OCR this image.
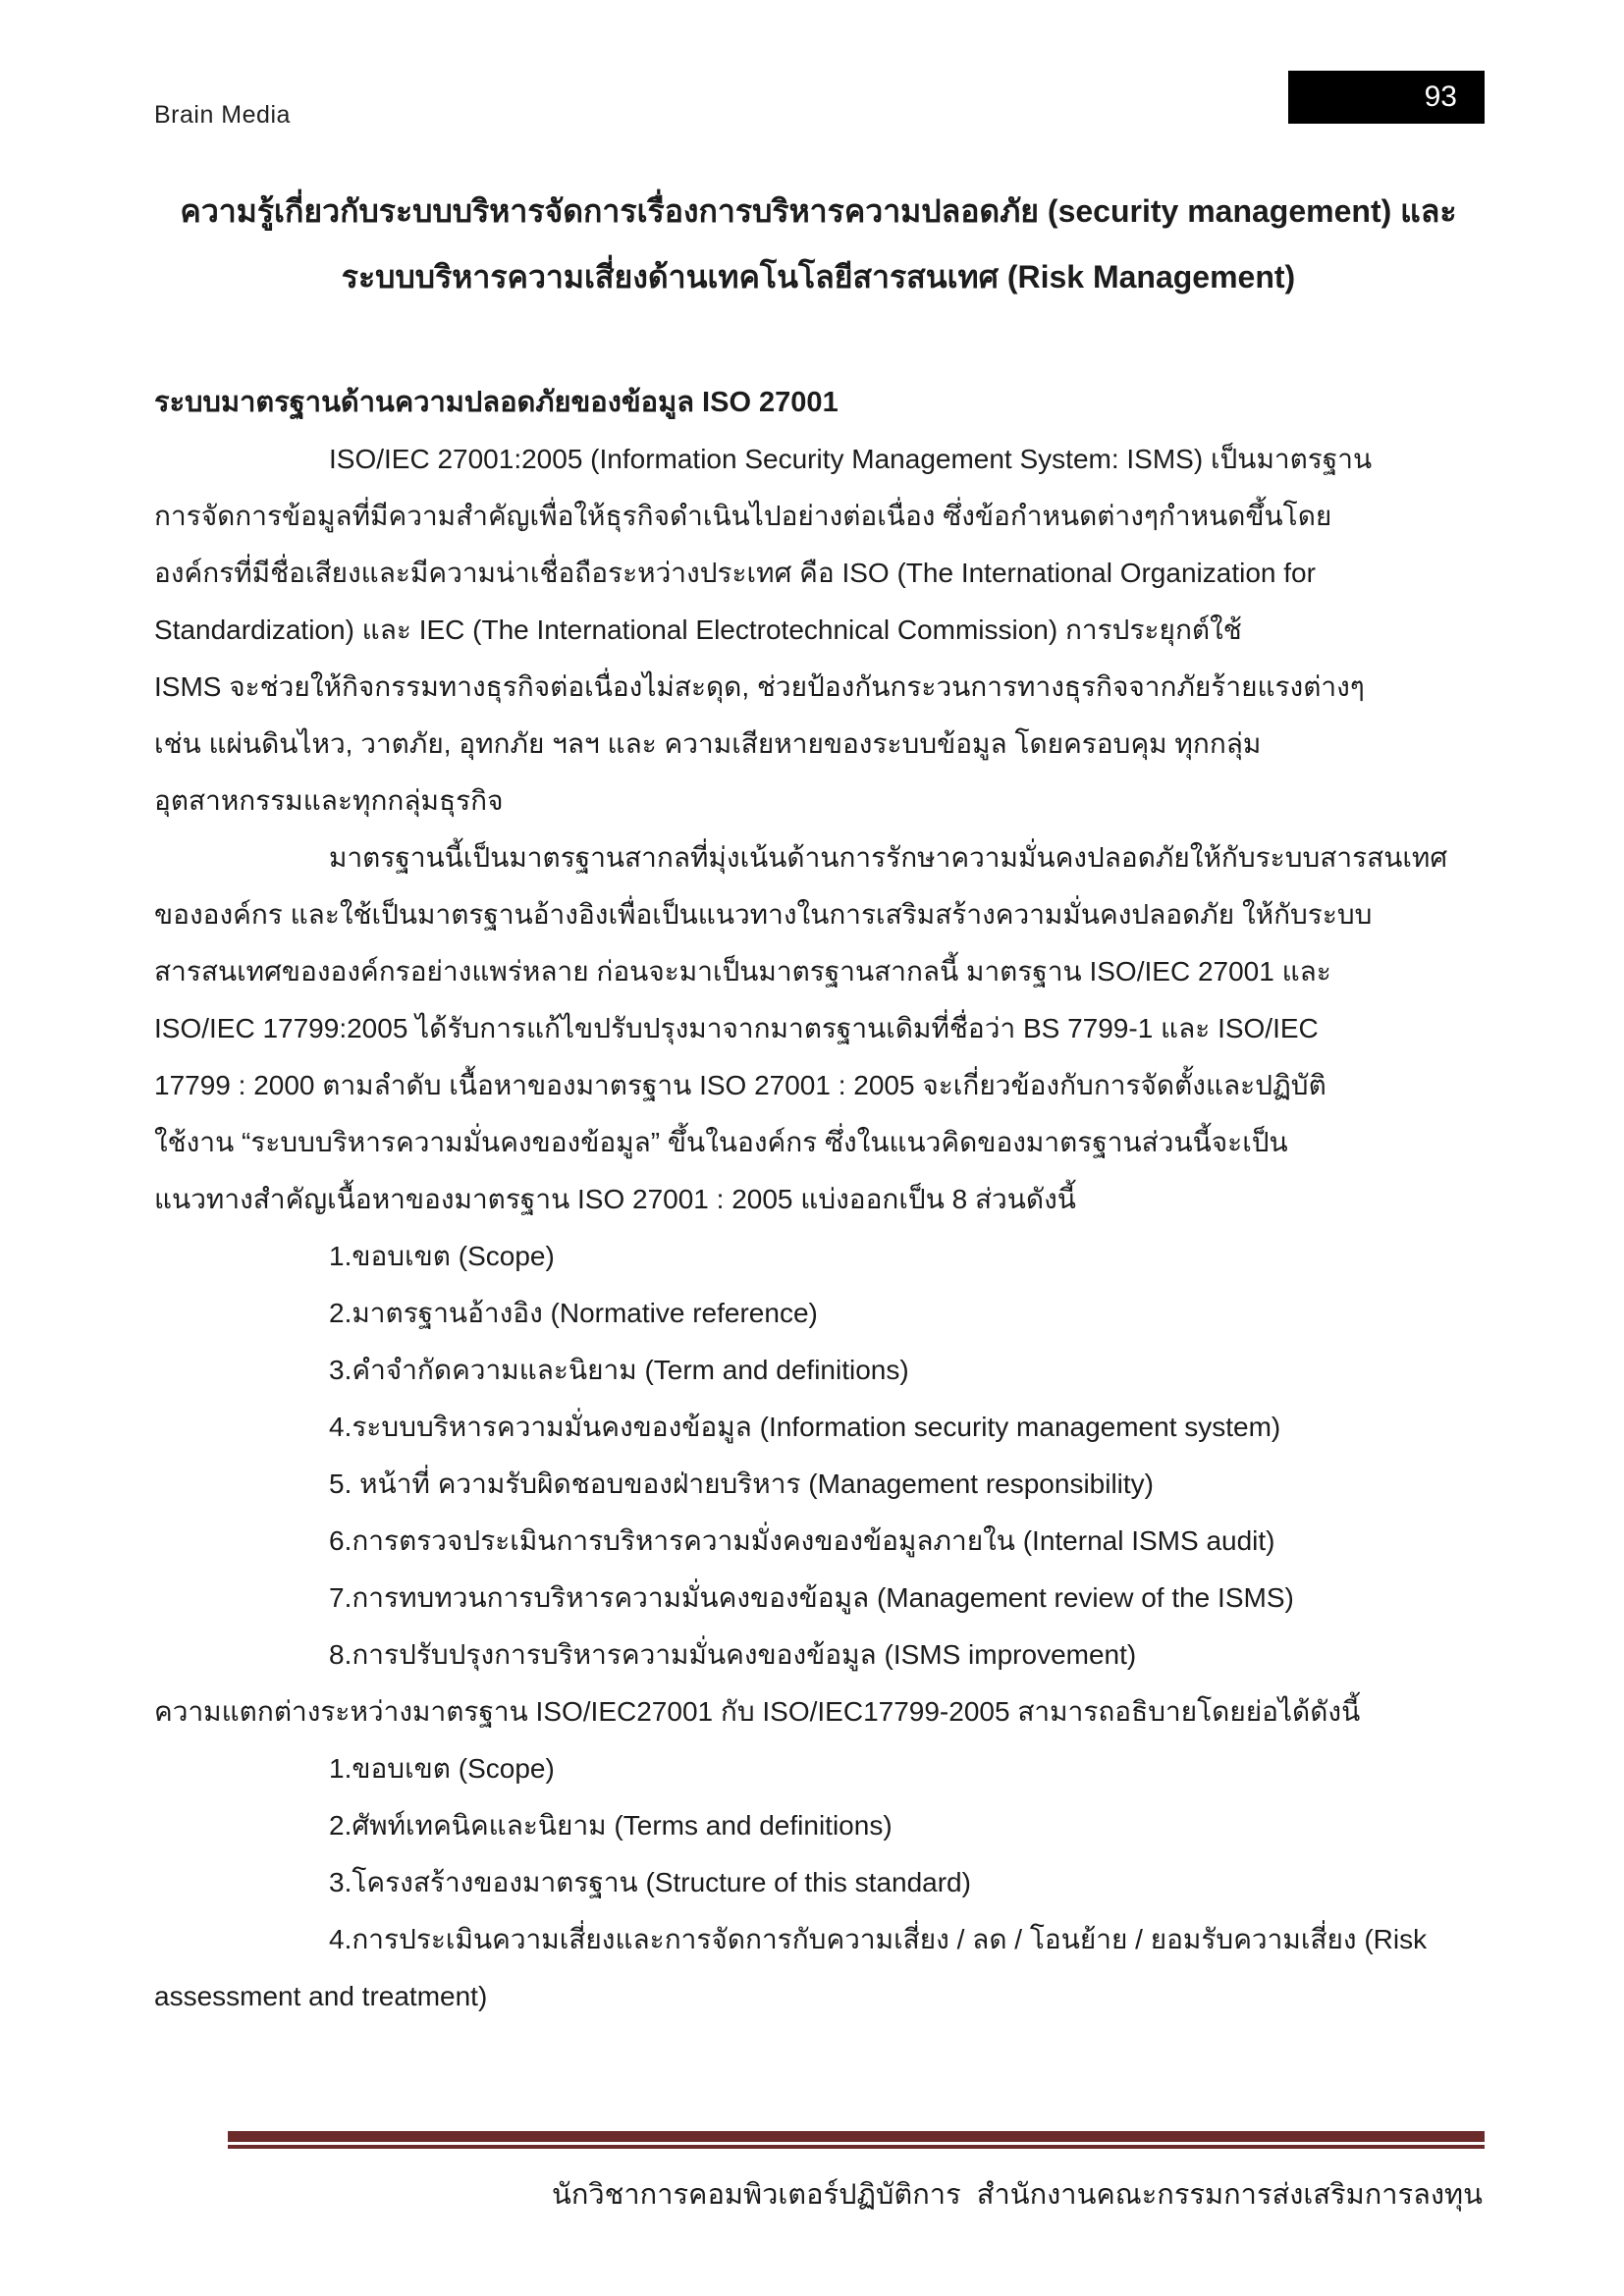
Brain Media
93
ความรู้เกี่ยวกับระบบบริหารจัดการเรื่องการบริหารความปลอดภัย (security management) และ
ระบบบริหารความเสี่ยงด้านเทคโนโลยีสารสนเทศ (Risk Management)
ระบบมาตรฐานด้านความปลอดภัยของข้อมูล ISO 27001
ISO/IEC 27001:2005 (Information Security Management System: ISMS) เป็นมาตรฐาน
การจัดการข้อมูลที่มีความสำคัญเพื่อให้ธุรกิจดำเนินไปอย่างต่อเนื่อง ซึ่งข้อกำหนดต่างๆกำหนดขึ้นโดย
องค์กรที่มีชื่อเสียงและมีความน่าเชื่อถือระหว่างประเทศ คือ ISO (The International Organization for
Standardization) และ IEC (The International Electrotechnical Commission) การประยุกต์ใช้
ISMS จะช่วยให้กิจกรรมทางธุรกิจต่อเนื่องไม่สะดุด, ช่วยป้องกันกระวนการทางธุรกิจจากภัยร้ายแรงต่างๆ
เช่น แผ่นดินไหว, วาตภัย, อุทกภัย ฯลฯ และ ความเสียหายของระบบข้อมูล โดยครอบคุม ทุกกลุ่ม
อุตสาหกรรมและทุกกลุ่มธุรกิจ
มาตรฐานนี้เป็นมาตรฐานสากลที่มุ่งเน้นด้านการรักษาความมั่นคงปลอดภัยให้กับระบบสารสนเทศ
ขององค์กร และใช้เป็นมาตรฐานอ้างอิงเพื่อเป็นแนวทางในการเสริมสร้างความมั่นคงปลอดภัย ให้กับระบบ
สารสนเทศขององค์กรอย่างแพร่หลาย ก่อนจะมาเป็นมาตรฐานสากลนี้ มาตรฐาน ISO/IEC 27001 และ
ISO/IEC 17799:2005 ได้รับการแก้ไขปรับปรุงมาจากมาตรฐานเดิมที่ชื่อว่า BS 7799-1 และ ISO/IEC
17799 : 2000 ตามลำดับ เนื้อหาของมาตรฐาน ISO 27001 : 2005 จะเกี่ยวข้องกับการจัดตั้งและปฏิบัติ
ใช้งาน “ระบบบริหารความมั่นคงของข้อมูล” ขึ้นในองค์กร ซึ่งในแนวคิดของมาตรฐานส่วนนี้จะเป็น
แนวทางสำคัญเนื้อหาของมาตรฐาน ISO 27001 : 2005 แบ่งออกเป็น 8 ส่วนดังนี้
1.ขอบเขต (Scope)
2.มาตรฐานอ้างอิง (Normative reference)
3.คำจำกัดความและนิยาม (Term and definitions)
4.ระบบบริหารความมั่นคงของข้อมูล (Information security management system)
5. หน้าที่ ความรับผิดชอบของฝ่ายบริหาร (Management responsibility)
6.การตรวจประเมินการบริหารความมั่งคงของข้อมูลภายใน (Internal ISMS audit)
7.การทบทวนการบริหารความมั่นคงของข้อมูล (Management review of the ISMS)
8.การปรับปรุงการบริหารความมั่นคงของข้อมูล (ISMS improvement)
ความแตกต่างระหว่างมาตรฐาน ISO/IEC27001 กับ ISO/IEC17799-2005 สามารถอธิบายโดยย่อได้ดังนี้
1.ขอบเขต (Scope)
2.ศัพท์เทคนิคและนิยาม (Terms and definitions)
3.โครงสร้างของมาตรฐาน (Structure of this standard)
4.การประเมินความเสี่ยงและการจัดการกับความเสี่ยง / ลด / โอนย้าย / ยอมรับความเสี่ยง (Risk
assessment and treatment)
นักวิชาการคอมพิวเตอร์ปฏิบัติการ  สำนักงานคณะกรรมการส่งเสริมการลงทุน
